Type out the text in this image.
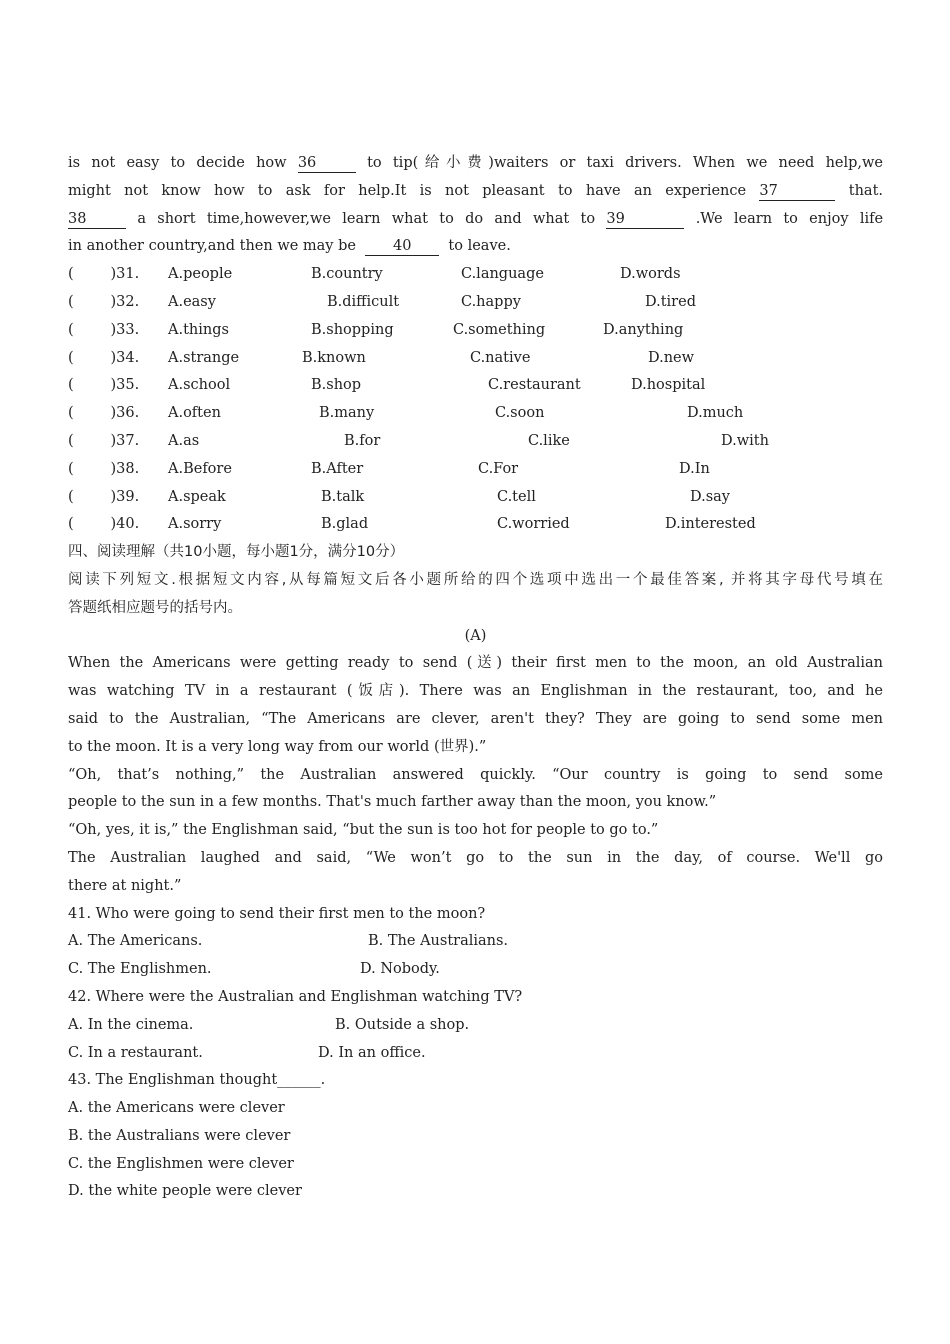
is not easy to decide how 36	to tip(给小费)waiters or taxi drivers. When we need help,we
might not know how to ask for help.It is not pleasant to have an experience 37	that.
38	a short time,however,we learn what to do and what to 39	.We learn to enjoy life
in another country,and then we may be	40	to leave.

(        )31.

A.people

	B.country

	C.language

	D.words

(        )32.

A.easy

	B.difficult

	C.happy

	D.tired

(        )33.

A.things

	B.shopping

	C.something

	D.anything

(        )34.

A.strange

	B.known

	C.native

	D.new

(        )35.

A.school

	B.shop

	C.restaurant

	D.hospital

(        )36.

A.often

	B.many

	C.soon

	D.much

(        )37.

A.as

	B.for

	C.like

	D.with

(        )38.

A.Before

	B.After

	C.For

	D.In

(        )39.

A.speak

	B.talk

	C.tell

	D.say

(        )40.

A.sorry

	B.glad

	C.worried

	D.interested

四、阅读理解（共10小题，每小题1分，满分10分）
阅读下列短文.根据短文内容,从每篇短文后各小题所给的四个选项中选出一个最佳答案, 并将其字母代号填在
答题纸相应题号的括号内。
(A)
When the Americans were getting ready to send (送) their first men to the moon, an old Australian
was watching TV in a restaurant (饭店). There was an Englishman in the restaurant, too, and he
said to the Australian, “The Americans are clever, aren't they? They are going to send some men
to the moon. It is a very long way from our world (世界).”
“Oh, that’s nothing,” the Australian answered quickly. “Our country is going to send some
people to the sun in a few months. That's much farther away than the moon, you know.”
“Oh, yes, it is,” the Englishman said, “but the sun is too hot for people to go to.”
The Australian laughed and said, “We won’t go to the sun in the day, of course. We'll go
there at night.”
41. Who were going to send their first men to the moon?

A. The Americans.

	B. The Australians.

C. The Englishmen.

	D. Nobody.

42. Where were the Australian and Englishman watching TV?

A. In the cinema.

	B. Outside a shop.

C. In a restaurant.

	D. In an office.

43. The Englishman thought______.
A. the Americans were clever
B. the Australians were clever
C. the Englishmen were clever
D. the white people were clever
